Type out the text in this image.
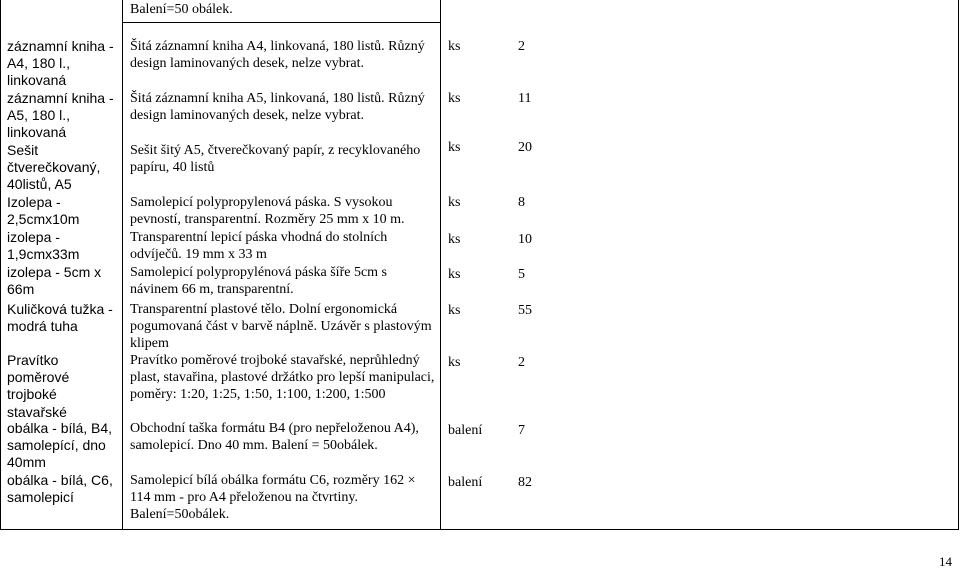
Balení=50 obálek.
záznamní kniha - A4, 180 l., linkovaná
záznamní kniha - A5, 180 l., linkovaná
Sešit čtverečkovaný, 40listů, A5
Izolepa - 2,5cmx10m
izolepa - 1,9cmx33m
izolepa - 5cm x 66m
Kuličková tužka - modrá tuha
Pravítko poměrové trojboké stavařské
obálka - bílá, B4, samolepící, dno 40mm
obálka - bílá, C6, samolepicí
Šitá záznamní kniha A4, linkovaná, 180 listů. Různý design laminovaných desek, nelze vybrat.
Šitá záznamní kniha A5, linkovaná, 180 listů. Různý design laminovaných desek, nelze vybrat.
Sešit šitý A5, čtverečkovaný papír, z recyklovaného papíru, 40 listů
Samolepicí polypropylenová páska. S vysokou pevností, transparentní. Rozměry 25 mm x 10 m.
Transparentní lepicí páska vhodná do stolních odvíječů. 19 mm x 33 m
Samolepicí polypropylénová páska šíře 5cm s návinem 66 m, transparentní.
Transparentní plastové tělo. Dolní ergonomická pogumovaná část v barvě náplně. Uzávěr s plastovým klipem
Pravítko poměrové trojboké stavařské, neprůhledný plast, stavařina, plastové držátko pro lepší manipulaci, poměry: 1:20, 1:25, 1:50, 1:100, 1:200, 1:500
Obchodní taška formátu B4 (pro nepřeloženou A4), samolepicí. Dno 40 mm. Balení = 50obálek.
Samolepicí bílá obálka formátu C6, rozměry 162 × 114 mm - pro A4 přeloženou na čtvrtiny. Balení=50obálek.
ks
ks
ks
ks
ks
ks
ks
ks
balení
balení
2
11
20
8
10
5
55
2
7
82
14
